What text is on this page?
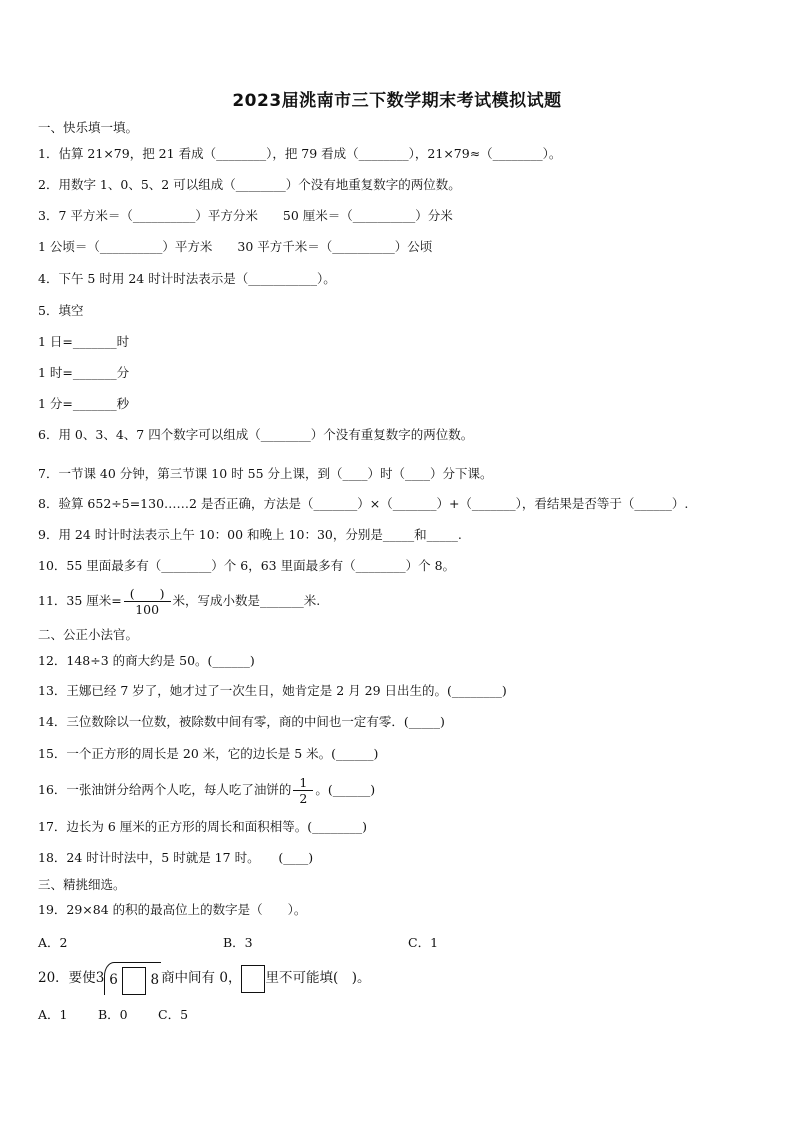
2023届洮南市三下数学期末考试模拟试题
一、快乐填一填。
1．估算 21×79，把 21 看成（________），把 79 看成（________），21×79≈（________）。
2．用数字 1、0、5、2 可以组成（________）个没有地重复数字的两位数。
3．7 平方米＝（__________）平方分米　　50 厘米＝（__________）分米
1 公顷＝（__________）平方米　　30 平方千米＝（__________）公顷
4．下午 5 时用 24 时计时法表示是（___________）。
5．填空
1 日=_______时
1 时=_______分
1 分=_______秒
6．用 0、3、4、7 四个数字可以组成（________）个没有重复数字的两位数。
7．一节课 40 分钟，第三节课 10 时 55 分上课，到（____）时（____）分下课。
8．验算 652÷5=130……2 是否正确，方法是（_______）×（_______）+（_______），看结果是否等于（______）.
9．用 24 时计时法表示上午 10：00 和晚上 10：30，分别是_____和_____.
10．55 里面最多有（________）个 6，63 里面最多有（________）个 8。
11．35 厘米= $\frac{( )}{100}$ 米，写成小数是_______米.
二、公正小法官。
12．148÷3 的商大约是 50。(______)
13．王娜已经 7 岁了，她才过了一次生日，她肯定是 2 月 29 日出生的。(________)
14．三位数除以一位数，被除数中间有零，商的中间也一定有零．(_____)
15．一个正方形的周长是 20 米，它的边长是 5 米。(______)
16．一张油饼分给两个人吃，每人吃了油饼的 $\frac{1}{2}$ 。(______)
17．边长为 6 厘米的正方形的周长和面积相等。(________)
18．24 时计时法中，5 时就是 17 时。　　(____)
三、精挑细选。
19．29×84 的积的最高位上的数字是（　　）。
A．2	B．3	C．1
20．要使3 6 8 商中间有 0， 里不可能填(　)。
A．1 B．0 C．5
